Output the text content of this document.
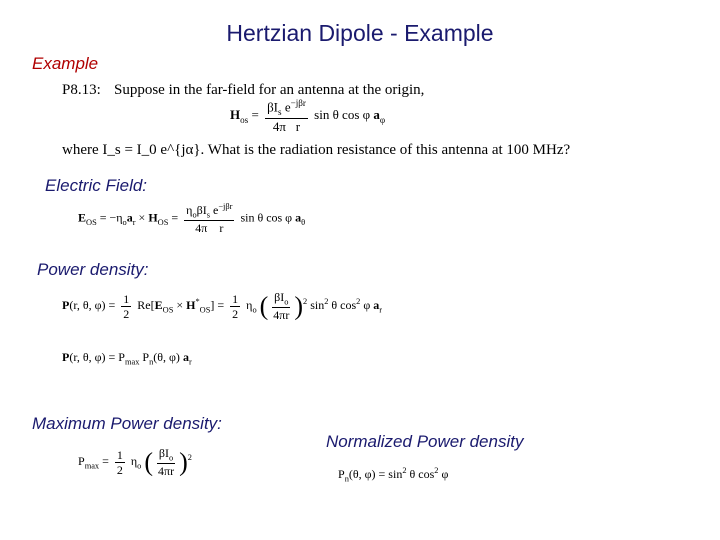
Hertzian Dipole - Example
Example
P8.13: Suppose in the far-field for an antenna at the origin,
$H_{os} = \frac{\beta I_s e^{-j\beta r}}{\text{4π   r}}$ sin θ cos φ $a_\varphi$
where I_s = I_0 e^{jα}. What is the radiation resistance of this antenna at 100 MHz?
Electric Field:
$E_{OS} = -\eta_oa_r \times H_{OS} = \frac{\eta_o\beta I_s e^{-j\beta r}}{\text{4π    r}}$ sin θ cos φ $a_\theta$
Power density:
P(r, θ, $\varphi) = \frac{1}{2} Re[E_{OS} \times H^*_{OS}] = \frac{1}{2} \eta_o$ ( $\frac{\beta I_o}{4\pi r} )^2$ $\sin^2 \theta$ $\cos^2 \varphi$ $a_r$
P(r, θ, $\varphi) = P_{max}$ $P_n(\theta$, φ) $a_r$
Maximum Power density:
$P_{max} = \frac{1}{2} \eta_o$ ( $\frac{\beta I_o}{4\pi r} )^2$
Normalized Power density
$P_n(\theta$, $\varphi) = \sin^2 \theta$ $\cos^2 \varphi$
